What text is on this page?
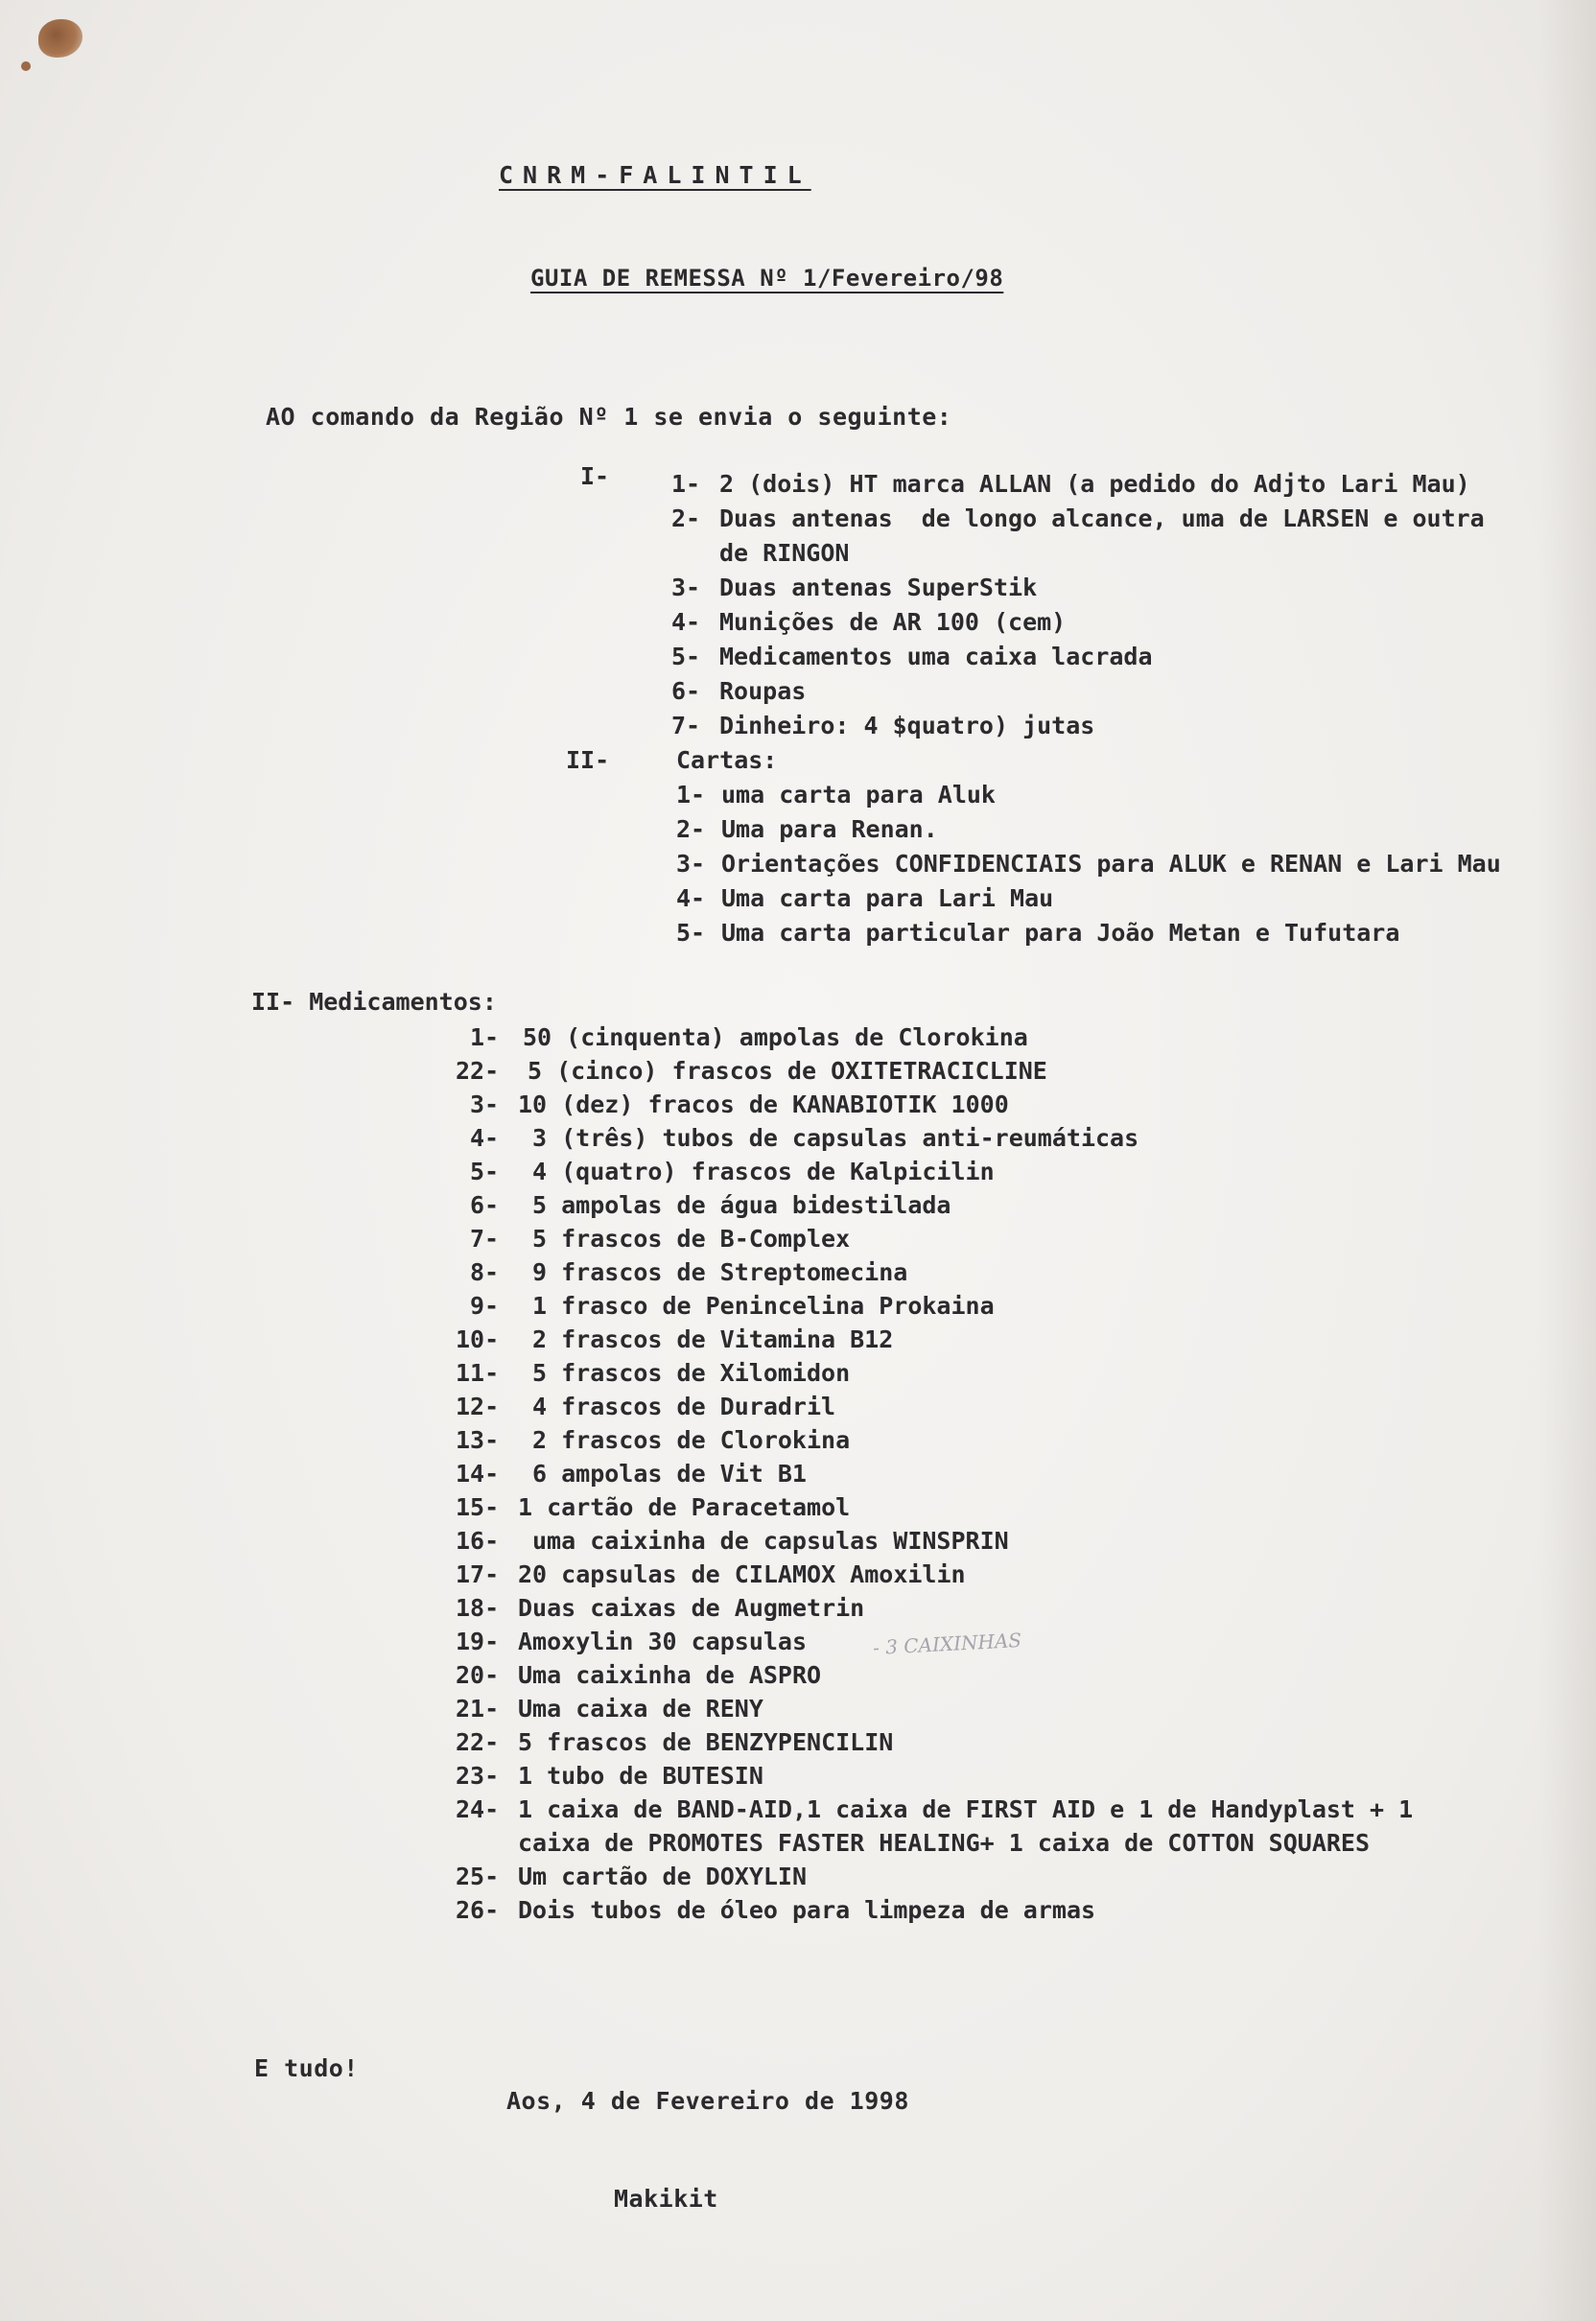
CNRM-FALINTIL
GUIA DE REMESSA Nº 1/Fevereiro/98
AO comando da Região Nº 1 se envia o seguinte:
I-	1- 2 (dois) HT marca ALLAN (a pedido do Adjto Lari Mau)
2- Duas antenas  de longo alcance, uma de LARSEN e outra
de RINGON
3- Duas antenas SuperStik
4- Munições de AR 100 (cem)
5- Medicamentos uma caixa lacrada
6- Roupas
7- Dinheiro: 4 $quatro) jutas
II-	Cartas:
1- uma carta para Aluk
2- Uma para Renan.
3- Orientações CONFIDENCIAIS para ALUK e RENAN e Lari Mau
4- Uma carta para Lari Mau
5- Uma carta particular para João Metan e Tufutara
II- Medicamentos:
1- 50 (cinquenta) ampolas de Clorokina
22- 5 (cinco) frascos de OXITETRACICLINE
3- 10 (dez) fracos de KANABIOTIK 1000
4- 3 (três) tubos de capsulas anti-reumáticas
5- 4 (quatro) frascos de Kalpicilin
6- 5 ampolas de água bidestilada
7- 5 frascos de B-Complex
8- 9 frascos de Streptomecina
9- 1 frasco de Penincelina Prokaina
10- 2 frascos de Vitamina B12
11- 5 frascos de Xilomidon
12- 4 frascos de Duradril
13- 2 frascos de Clorokina
14- 6 ampolas de Vit B1
15- 1 cartão de Paracetamol
16- uma caixinha de capsulas WINSPRIN
17- 20 capsulas de CILAMOX Amoxilin
18- Duas caixas de Augmetrin
19- Amoxylin 30 capsulas
20- Uma caixinha de ASPRO
21- Uma caixa de RENY
22- 5 frascos de BENZYPENCILIN
23- 1 tubo de BUTESIN
24- 1 caixa de BAND-AID,1 caixa de FIRST AID e 1 de Handyplast + 1
caixa de PROMOTES FASTER HEALING+ 1 caixa de COTTON SQUARES
25- Um cartão de DOXYLIN
26- Dois tubos de óleo para limpeza de armas
- 3 CAIXINHAS
E tudo!
Aos, 4 de Fevereiro de 1998
Makikit
